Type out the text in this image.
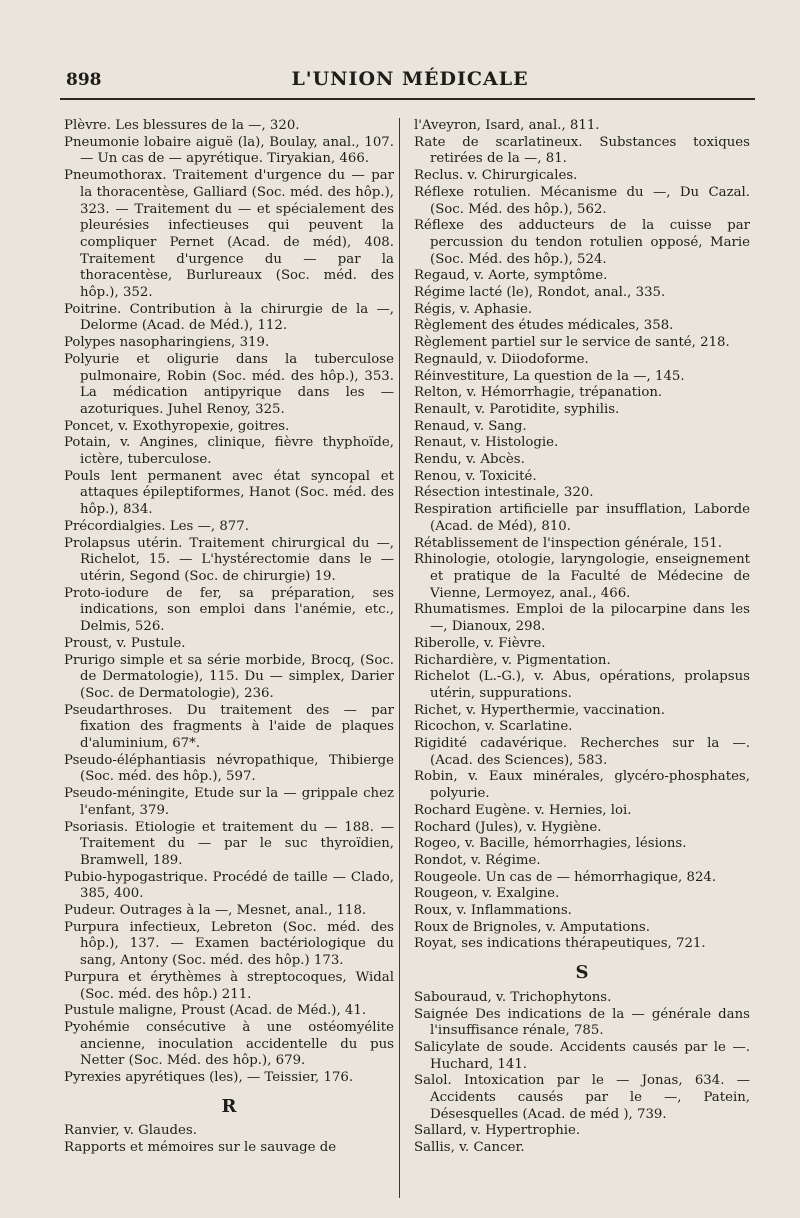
898	L'UNION MÉDICALE

Plèvre. Les blessures de la —, 320.

Pneumonie lobaire aiguë (la), Boulay, anal., 107. — Un cas de — apyrétique. Tiryakian, 466.

Pneumothorax. Traitement d'urgence du — par la thoracentèse, Galliard (Soc. méd. des hôp.), 323. — Traitement du — et spécialement des pleurésies infectieuses qui peuvent la compliquer Pernet (Acad. de méd), 408. Traitement d'urgence du — par la thoracentèse, Burlureaux (Soc. méd. des hôp.), 352.

Poitrine. Contribution à la chirurgie de la —, Delorme (Acad. de Méd.), 112.

Polypes nasopharingiens, 319.

Polyurie et oligurie dans la tuberculose pulmonaire, Robin (Soc. méd. des hôp.), 353. La médication antipyrique dans les — azoturiques. Juhel Renoy, 325.

Poncet, v. Exothyropexie, goitres.

Potain, v. Angines, clinique, fièvre thyphoïde, ictère, tuberculose.

Pouls lent permanent avec état syncopal et attaques épileptiformes, Hanot (Soc. méd. des hôp.), 834.

Précordialgies. Les —, 877.

Prolapsus utérin. Traitement chirurgical du —, Richelot, 15. — L'hystérectomie dans le — utérin, Segond (Soc. de chirurgie) 19.

Proto-iodure de fer, sa préparation, ses indications, son emploi dans l'anémie, etc., Delmis, 526.

Proust, v. Pustule.

Prurigo simple et sa série morbide, Brocq, (Soc. de Dermatologie), 115. Du — simplex, Darier (Soc. de Dermatologie), 236.

Pseudarthroses. Du traitement des — par fixation des fragments à l'aide de plaques d'aluminium, 67*.

Pseudo-éléphantiasis névropathique, Thibierge (Soc. méd. des hôp.), 597.

Pseudo-méningite, Etude sur la — grippale chez l'enfant, 379.

Psoriasis. Etiologie et traitement du — 188. — Traitement du — par le suc thyroïdien, Bramwell, 189.

Pubio-hypogastrique. Procédé de taille — Clado, 385, 400.

Pudeur. Outrages à la —, Mesnet, anal., 118.

Purpura infectieux, Lebreton (Soc. méd. des hôp.), 137. — Examen bactériologique du sang, Antony (Soc. méd. des hôp.) 173.

Purpura et érythèmes à streptocoques, Widal (Soc. méd. des hôp.) 211.

Pustule maligne, Proust (Acad. de Méd.), 41.

Pyohémie consécutive à une ostéomyélite ancienne, inoculation accidentelle du pus Netter (Soc. Méd. des hôp.), 679.

Pyrexies apyrétiques (les), — Teissier, 176.

R

Ranvier, v. Glaudes.

Rapports et mémoires sur le sauvage de

l'Aveyron, Isard, anal., 811.

Rate de scarlatineux. Substances toxiques retirées de la —, 81.

Reclus. v. Chirurgicales.

Réflexe rotulien. Mécanisme du —, Du Cazal. (Soc. Méd. des hôp.), 562.

Réflexe des adducteurs de la cuisse par percussion du tendon rotulien opposé, Marie (Soc. Méd. des hôp.), 524.

Regaud, v. Aorte, symptôme.

Régime lacté (le), Rondot, anal., 335.

Régis, v. Aphasie.

Règlement des études médicales, 358.

Règlement partiel sur le service de santé, 218.

Regnauld, v. Diiodoforme.

Réinvestiture, La question de la —, 145.

Relton, v. Hémorrhagie, trépanation.

Renault, v. Parotidite, syphilis.

Renaud, v. Sang.

Renaut, v. Histologie.

Rendu, v. Abcès.

Renou, v. Toxicité.

Résection intestinale, 320.

Respiration artificielle par insufflation, Laborde (Acad. de Méd), 810.

Rétablissement de l'inspection générale, 151.

Rhinologie, otologie, laryngologie, enseignement et pratique de la Faculté de Médecine de Vienne, Lermoyez, anal., 466.

Rhumatismes. Emploi de la pilocarpine dans les —, Dianoux, 298.

Riberolle, v. Fièvre.

Richardière, v. Pigmentation.

Richelot (L.-G.), v. Abus, opérations, prolapsus utérin, suppurations.

Richet, v. Hyperthermie, vaccination.

Ricochon, v. Scarlatine.

Rigidité cadavérique. Recherches sur la —. (Acad. des Sciences), 583.

Robin, v. Eaux minérales, glycéro-phosphates, polyurie.

Rochard Eugène. v. Hernies, loi.

Rochard (Jules), v. Hygiène.

Rogeo, v. Bacille, hémorrhagies, lésions.

Rondot, v. Régime.

Rougeole. Un cas de — hémorrhagique, 824.

Rougeon, v. Exalgine.

Roux, v. Inflammations.

Roux de Brignoles, v. Amputations.

Royat, ses indications thérapeutiques, 721.

S

Sabouraud, v. Trichophytons.

Saignée Des indications de la — générale dans l'insuffisance rénale, 785.

Salicylate de soude. Accidents causés par le —. Huchard, 141.

Salol. Intoxication par le — Jonas, 634. — Accidents causés par le —, Patein, Désesquelles (Acad. de méd ), 739.

Sallard, v. Hypertrophie.

Sallis, v. Cancer.
